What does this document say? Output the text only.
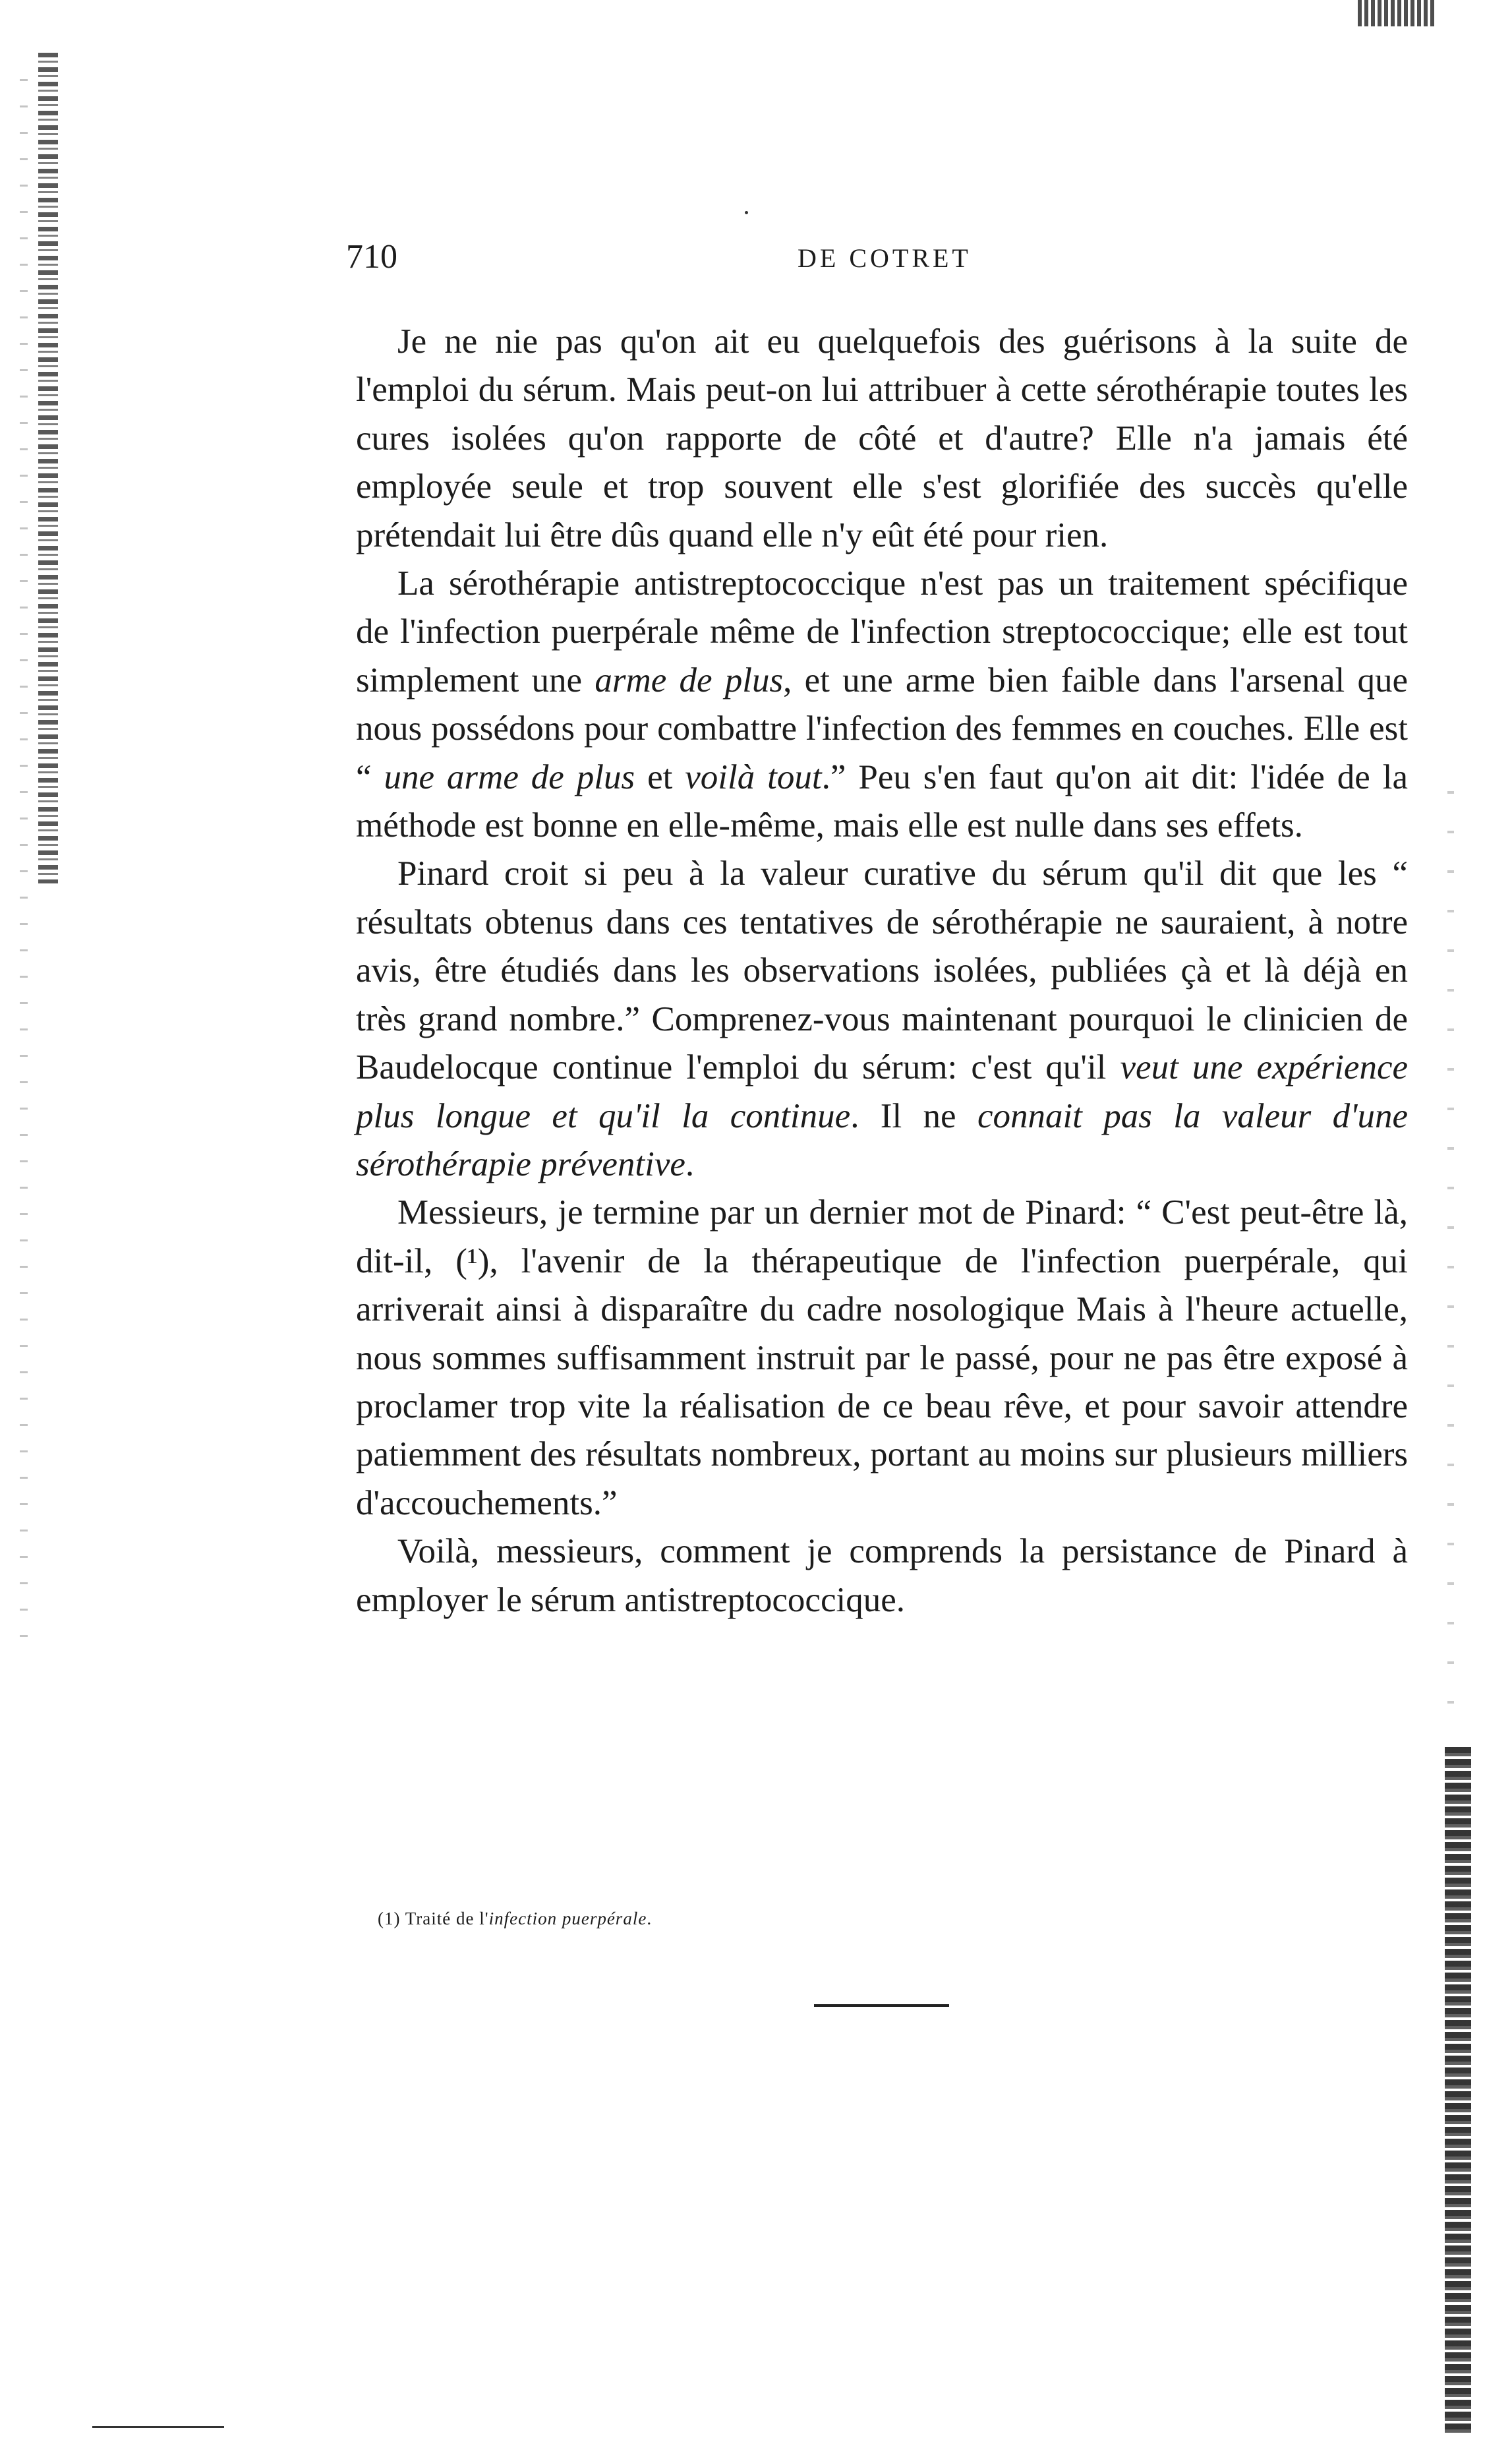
710	DE COTRET

Je ne nie pas qu'on ait eu quelquefois des guérisons à la suite de l'emploi du sérum. Mais peut-on lui attribuer à cette sérothérapie toutes les cures isolées qu'on rapporte de côté et d'autre? Elle n'a jamais été employée seule et trop souvent elle s'est glorifiée des succès qu'elle prétendait lui être dûs quand elle n'y eût été pour rien.

La sérothérapie antistreptococcique n'est pas un traitement spécifique de l'infection puerpérale même de l'infection streptococcique; elle est tout simplement une arme de plus, et une arme bien faible dans l'arsenal que nous possédons pour combattre l'infection des femmes en couches. Elle est “ une arme de plus et voilà tout.” Peu s'en faut qu'on ait dit: l'idée de la méthode est bonne en elle-même, mais elle est nulle dans ses effets.

Pinard croit si peu à la valeur curative du sérum qu'il dit que les “ résultats obtenus dans ces tentatives de sérothérapie ne sauraient, à notre avis, être étudiés dans les observations isolées, publiées çà et là déjà en très grand nombre.” Comprenez-vous maintenant pourquoi le clinicien de Baudelocque continue l'emploi du sérum: c'est qu'il veut une expérience plus longue et qu'il la continue. Il ne connait pas la valeur d'une sérothérapie préventive.

Messieurs, je termine par un dernier mot de Pinard: “ C'est peut-être là, dit-il, (¹), l'avenir de la thérapeutique de l'infection puerpérale, qui arriverait ainsi à disparaître du cadre nosologique Mais à l'heure actuelle, nous sommes suffisamment instruit par le passé, pour ne pas être exposé à proclamer trop vite la réalisation de ce beau rêve, et pour savoir attendre patiemment des résultats nombreux, portant au moins sur plusieurs milliers d'accouchements.”

Voilà, messieurs, comment je comprends la persistance de Pinard à employer le sérum antistreptococcique.

(1) Traité de l'infection puerpérale.
